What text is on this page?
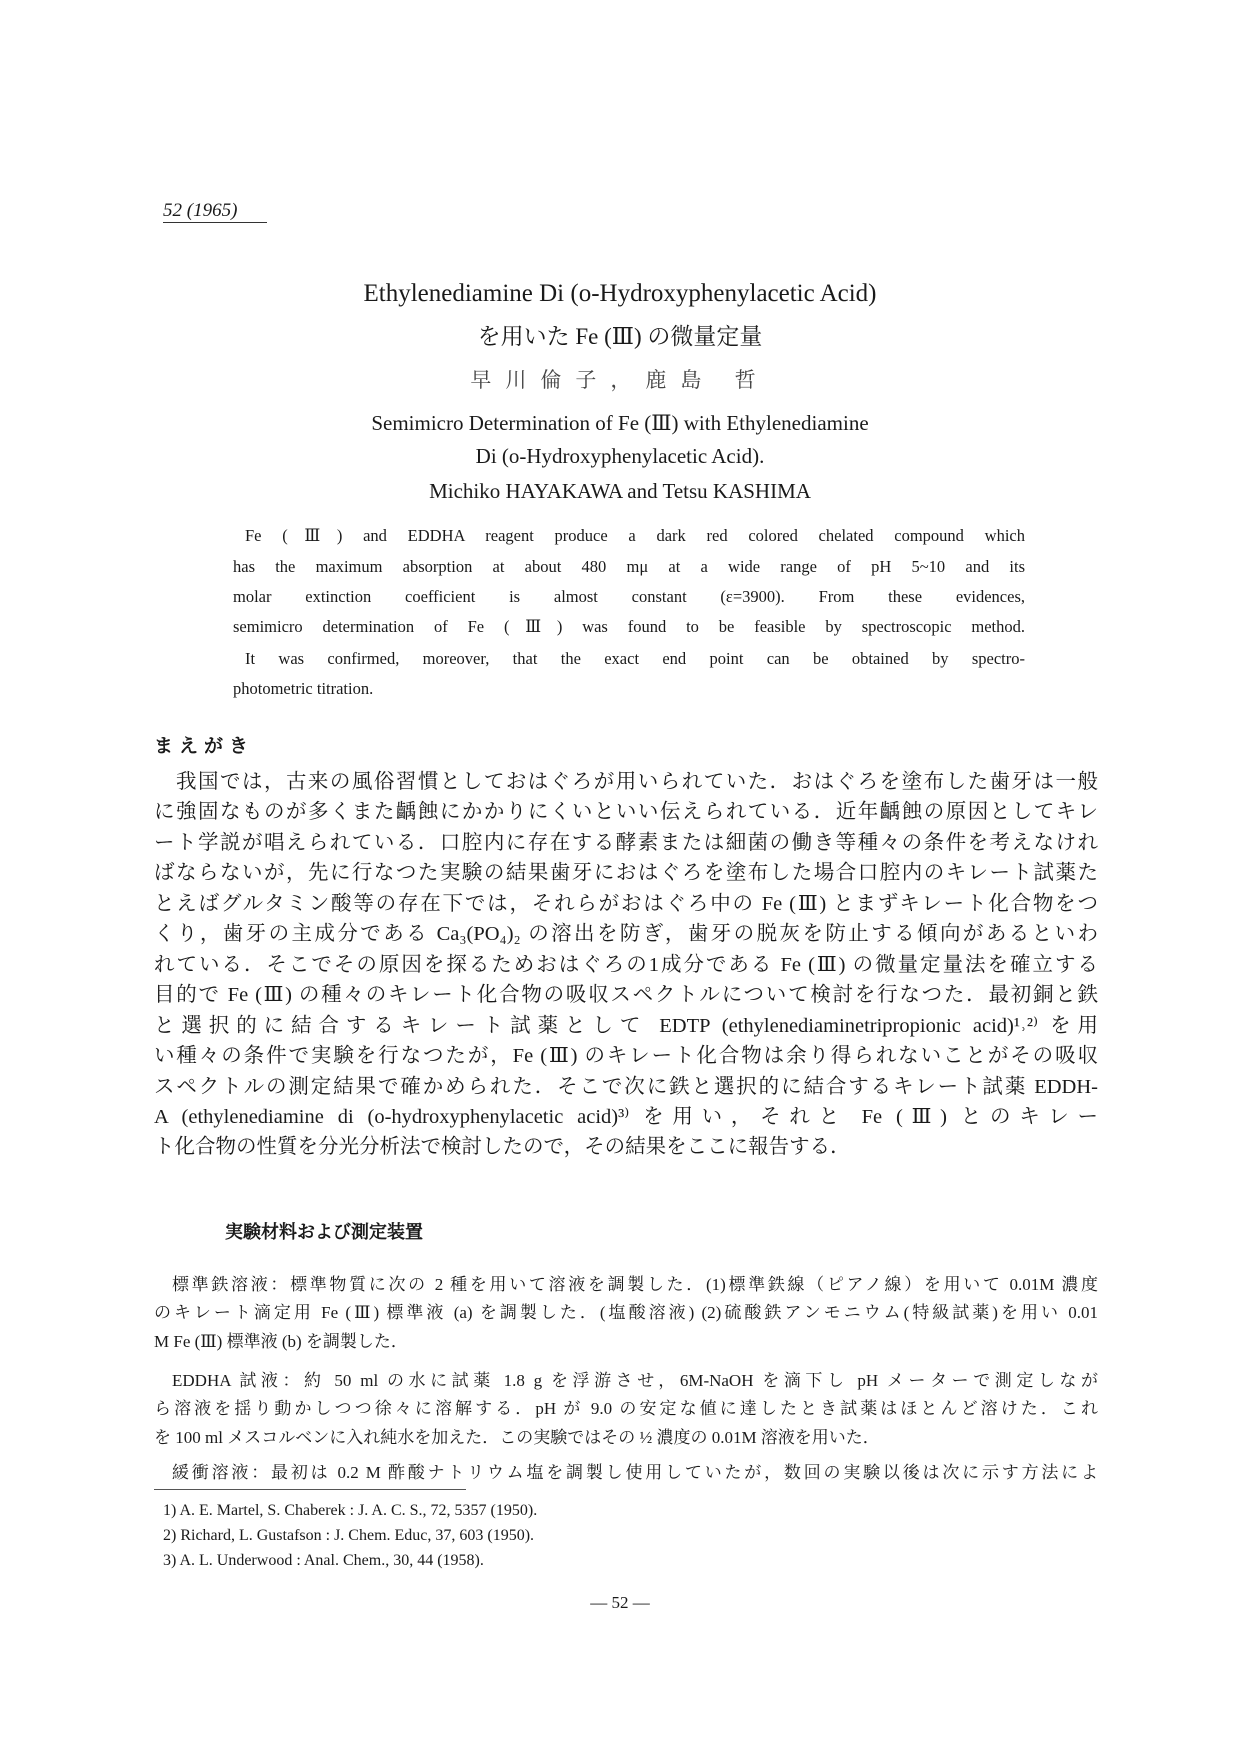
52 (1965)
Ethylenediamine Di (o-Hydroxyphenylacetic Acid)
を用いた Fe (Ⅲ) の微量定量
早川倫子，鹿島 哲
Semimicro Determination of Fe (Ⅲ) with Ethylenediamine
Di (o-Hydroxyphenylacetic Acid).
Michiko HAYAKAWA and Tetsu KASHIMA
Fe (Ⅲ) and EDDHA reagent produce a dark red colored chelated compound which
has the maximum absorption at about 480 mμ at a wide range of pH 5~10 and its
molar extinction coefficient is almost constant (ε=3900). From these evidences,
semimicro determination of Fe (Ⅲ) was found to be feasible by spectroscopic method.
It was confirmed, moreover, that the exact end point can be obtained by spectro-
photometric titration.
まえがき
我国では，古来の風俗習慣としておはぐろが用いられていた．おはぐろを塗布した歯牙は一般
に強固なものが多くまた齲蝕にかかりにくいといい伝えられている．近年齲蝕の原因としてキレ
ート学説が唱えられている．口腔内に存在する酵素または細菌の働き等種々の条件を考えなけれ
ばならないが，先に行なつた実験の結果歯牙におはぐろを塗布した場合口腔内のキレート試薬た
とえばグルタミン酸等の存在下では，それらがおはぐろ中の Fe (Ⅲ) とまずキレート化合物をつ
くり，歯牙の主成分である Ca₃(PO₄)₂ の溶出を防ぎ，歯牙の脱灰を防止する傾向があるといわ
れている．そこでその原因を探るためおはぐろの1成分である Fe (Ⅲ) の微量定量法を確立する
目的で Fe (Ⅲ) の種々のキレート化合物の吸収スペクトルについて検討を行なつた．最初銅と鉄
と選択的に結合するキレート試薬として EDTP (ethylenediaminetripropionic acid)¹˒²⁾ を用
い種々の条件で実験を行なつたが，Fe (Ⅲ) のキレート化合物は余り得られないことがその吸収
スペクトルの測定結果で確かめられた．そこで次に鉄と選択的に結合するキレート試薬 EDDH-
A (ethylenediamine di (o-hydroxyphenylacetic acid)³⁾ を用い，それと Fe (Ⅲ) とのキレー
ト化合物の性質を分光分析法で検討したので，その結果をここに報告する．
実験材料および測定装置
標準鉄溶液：標準物質に次の 2 種を用いて溶液を調製した．(1)標準鉄線（ピアノ線）を用いて 0.01M 濃度
のキレート滴定用 Fe (Ⅲ) 標準液 (a) を調製した．(塩酸溶液) (2)硫酸鉄アンモニウム(特級試薬)を用い 0.01
M Fe (Ⅲ) 標準液 (b) を調製した．
EDDHA 試液：約 50 ml の水に試薬 1.8 g を浮游させ，6M-NaOH を滴下し pH メーターで測定しなが
ら溶液を揺り動かしつつ徐々に溶解する．pH が 9.0 の安定な値に達したとき試薬はほとんど溶けた．これ
を 100 ml メスコルベンに入れ純水を加えた．この実験ではその ½ 濃度の 0.01M 溶液を用いた．
緩衝溶液：最初は 0.2 M 酢酸ナトリウム塩を調製し使用していたが，数回の実験以後は次に示す方法によ
1) A. E. Martel, S. Chaberek : J. A. C. S., 72, 5357 (1950).
2) Richard, L. Gustafson : J. Chem. Educ, 37, 603 (1950).
3) A. L. Underwood : Anal. Chem., 30, 44 (1958).
— 52 —
